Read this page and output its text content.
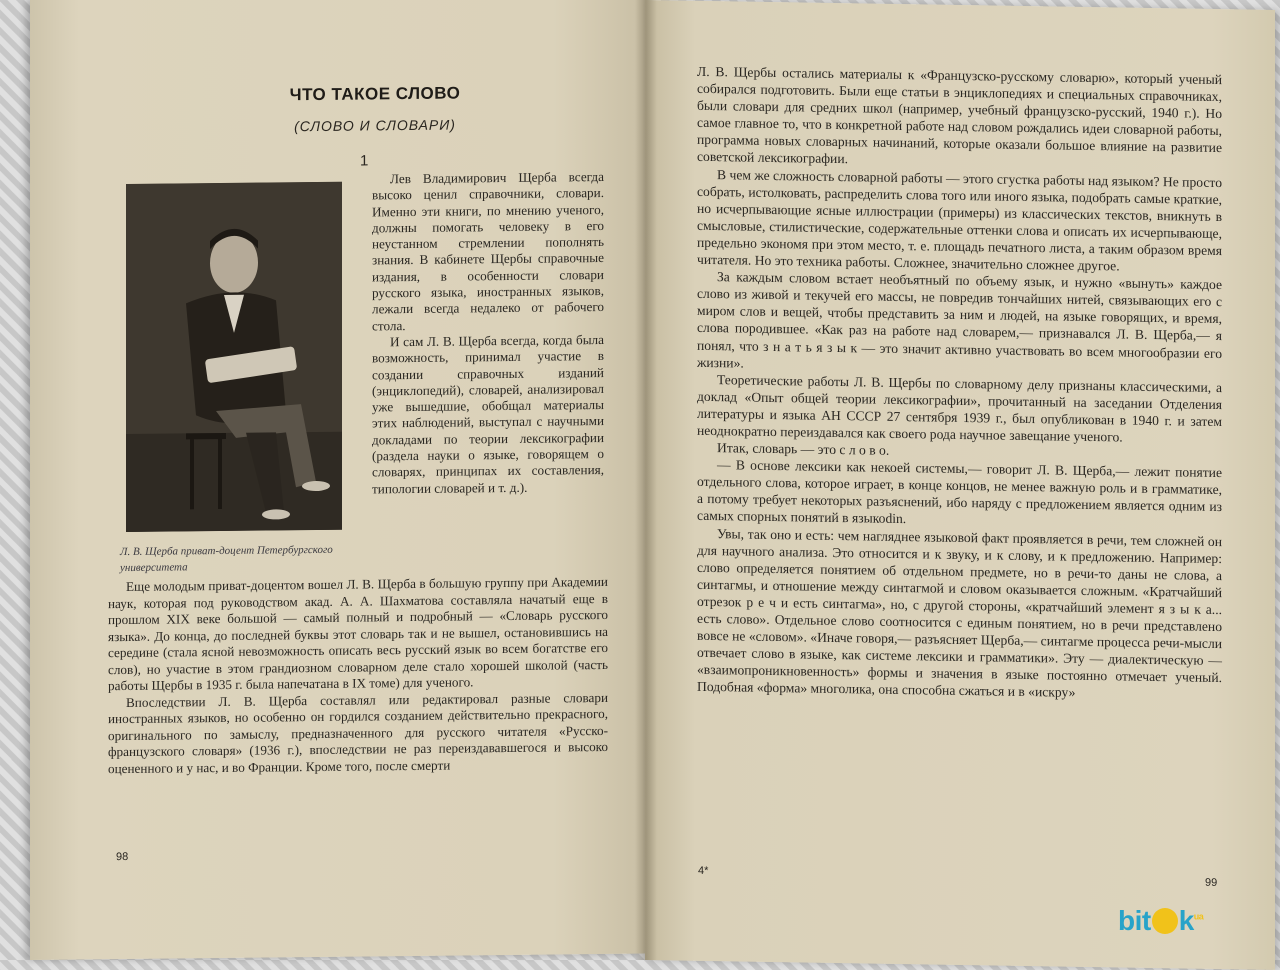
ЧТО ТАКОЕ СЛОВО
(СЛОВО И СЛОВАРИ)
1
Л. В. Щерба приват-доцент Петербургского университета

Лев Владимирович Щерба всегда высоко ценил справочники, словари. Именно эти книги, по мнению ученого, должны помогать человеку в его неустанном стремлении пополнять знания. В кабинете Щербы справочные издания, в особенности словари русского языка, иностранных языков, лежали всегда недалеко от рабочего стола.

И сам Л. В. Щерба всегда, когда была возможность, принимал участие в создании справочных изданий (энциклопедий), словарей, анализировал уже вышедшие, обобщал материалы этих наблюдений, выступал с научными докладами по теории лексикографии (раздела науки о языке, говорящем о словарях, принципах их составления, типологии словарей и т. д.).

Еще молодым приват-доцентом вошел Л. В. Щерба в большую группу при Академии наук, которая под руководством акад. А. А. Шахматова составляла начатый еще в прошлом XIX веке большой — самый полный и подробный — «Словарь русского языка». До конца, до последней буквы этот словарь так и не вышел, остановившись на середине (стала ясной невозможность описать весь русский язык во всем богатстве его слов), но участие в этом грандиозном словарном деле стало хорошей школой (часть работы Щербы в 1935 г. была напечатана в IX томе) для ученого.

Впоследствии Л. В. Щерба составлял или редактировал разные словари иностранных языков, но особенно он гордился созданием действительно прекрасного, оригинального по замыслу, предназначенного для русского читателя «Русско-французского словаря» (1936 г.), впоследствии не раз переиздававшегося и высоко оцененного и у нас, и во Франции. Кроме того, после смерти

98

Л. В. Щербы остались материалы к «Французско-русскому словарю», который ученый собирался подготовить. Были еще статьи в энциклопедиях и специальных справочниках, были словари для средних школ (например, учебный французско-русский, 1940 г.). Но самое главное то, что в конкретной работе над словом рождались идеи словарной работы, программа новых словарных начинаний, которые оказали большое влияние на развитие советской лексикографии.

В чем же сложность словарной работы — этого сгустка работы над языком? Не просто собрать, истолковать, распределить слова того или иного языка, подобрать самые краткие, но исчерпывающие ясные иллюстрации (примеры) из классических текстов, вникнуть в смысловые, стилистические, содержательные оттенки слова и описать их исчерпывающе, предельно экономя при этом место, т. е. площадь печатного листа, а таким образом время читателя. Но это техника работы. Сложнее, значительно сложнее другое.

За каждым словом встает необъятный по объему язык, и нужно «вынуть» каждое слово из живой и текучей его массы, не повредив тончайших нитей, связывающих его с миром слов и вещей, чтобы представить за ним и людей, на языке говорящих, и время, слова породившее. «Как раз на работе над словарем,— признавался Л. В. Щерба,— я понял, что з н а т ь я з ы к — это значит активно участвовать во всем многообразии его жизни».

Теоретические работы Л. В. Щербы по словарному делу признаны классическими, а доклад «Опыт общей теории лексикографии», прочитанный на заседании Отделения литературы и языка АН СССР 27 сентября 1939 г., был опубликован в 1940 г. и затем неоднократно переиздавался как своего рода научное завещание ученого.

Итак, словарь — это с л о в о.

— В основе лексики как некоей системы,— говорит Л. В. Щерба,— лежит понятие отдельного слова, которое играет, в конце концов, не менее важную роль и в грамматике, а потому требует некоторых разъяснений, ибо наряду с предложением является одним из самых спорных понятий в языкоdin.

Увы, так оно и есть: чем нагляднее языковой факт проявляется в речи, тем сложней он для научного анализа. Это относится и к звуку, и к слову, и к предложению. Например: слово определяется понятием об отдельном предмете, но в речи-то даны не слова, а синтагмы, и отношение между синтагмой и словом оказывается сложным. «Кратчайший отрезок р е ч и есть синтагма», но, с другой стороны, «кратчайший элемент я з ы к а... есть слово». Отдельное слово соотносится с единым понятием, но в речи представлено вовсе не «словом». «Иначе говоря,— разъясняет Щерба,— синтагме процесса речи-мысли отвечает слово в языке, как системе лексики и грамматики». Эту — диалектическую — «взаимопроникновенность» формы и значения в языке постоянно отмечает ученый. Подобная «форма» многолика, она способна сжаться и в «искру»

4*
99
bit $k^{ua}$
